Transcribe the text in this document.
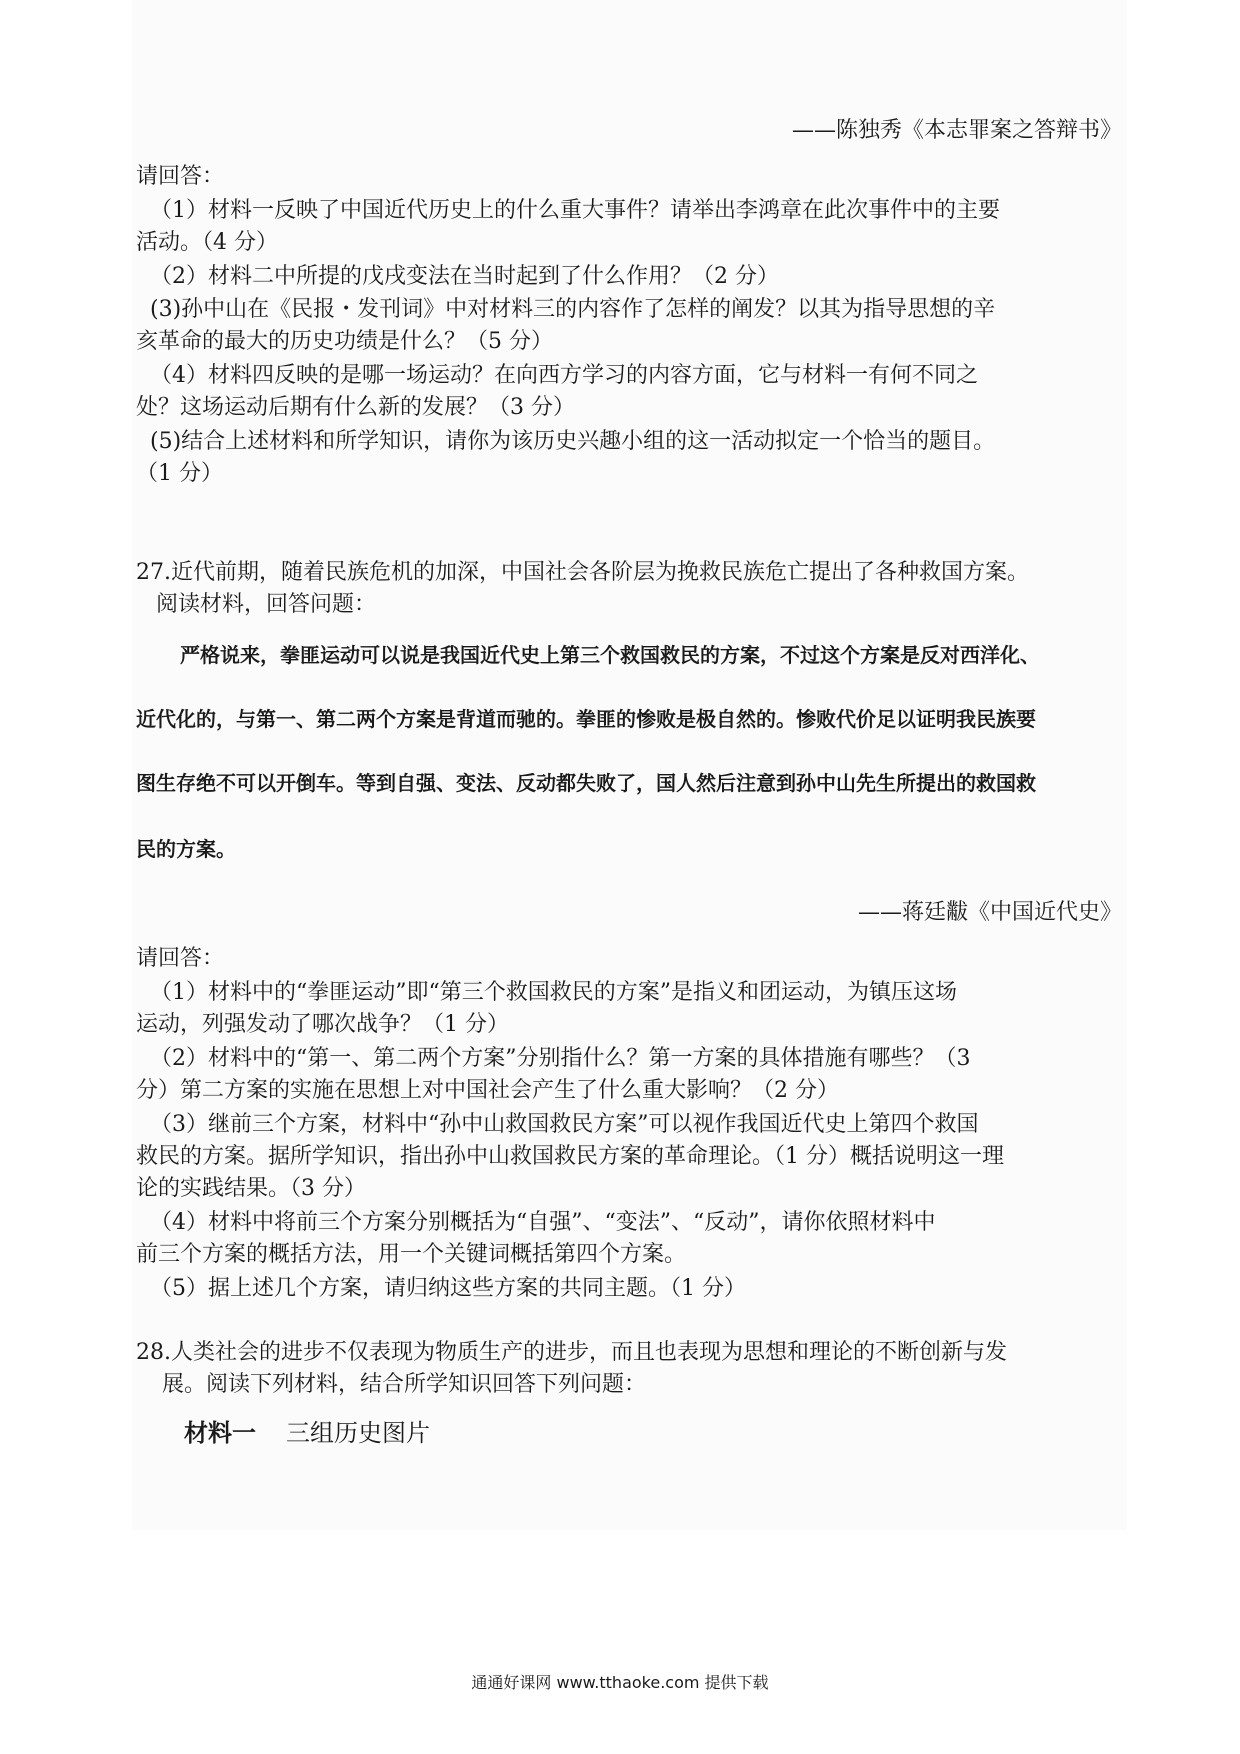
——陈独秀《本志罪案之答辩书》

请回答：

（1）材料一反映了中国近代历史上的什么重大事件？请举出李鸿章在此次事件中的主要

活动。（4 分）

（2）材料二中所提的戊戌变法在当时起到了什么作用？（2 分）

(3)孙中山在《民报・发刊词》中对材料三的内容作了怎样的阐发？以其为指导思想的辛

亥革命的最大的历史功绩是什么？（5 分）

（4）材料四反映的是哪一场运动？在向西方学习的内容方面，它与材料一有何不同之

处？这场运动后期有什么新的发展？（3 分）

(5)结合上述材料和所学知识，请你为该历史兴趣小组的这一活动拟定一个恰当的题目。

（1 分）

27.近代前期，随着民族危机的加深，中国社会各阶层为挽救民族危亡提出了各种救国方案。

阅读材料，回答问题：

严格说来，拳匪运动可以说是我国近代史上第三个救国救民的方案，不过这个方案是反对西洋化、

近代化的，与第一、第二两个方案是背道而驰的。拳匪的惨败是极自然的。惨败代价足以证明我民族要

图生存绝不可以开倒车。等到自强、变法、反动都失败了，国人然后注意到孙中山先生所提出的救国救

民的方案。

——蒋廷黻《中国近代史》

请回答：

（1）材料中的“拳匪运动”即“第三个救国救民的方案”是指义和团运动，为镇压这场

运动，列强发动了哪次战争？（1 分）

（2）材料中的“第一、第二两个方案”分别指什么？第一方案的具体措施有哪些？（3

分）第二方案的实施在思想上对中国社会产生了什么重大影响？（2 分）

（3）继前三个方案，材料中“孙中山救国救民方案”可以视作我国近代史上第四个救国

救民的方案。据所学知识，指出孙中山救国救民方案的革命理论。（1 分）概括说明这一理

论的实践结果。（3 分）

（4）材料中将前三个方案分别概括为“自强”、“变法”、“反动”，请你依照材料中

前三个方案的概括方法，用一个关键词概括第四个方案。

（5）据上述几个方案，请归纳这些方案的共同主题。（1 分）

28.人类社会的进步不仅表现为物质生产的进步，而且也表现为思想和理论的不断创新与发

展。阅读下列材料，结合所学知识回答下列问题：

材料一 三组历史图片

通通好课网 www.tthaoke.com 提供下载
